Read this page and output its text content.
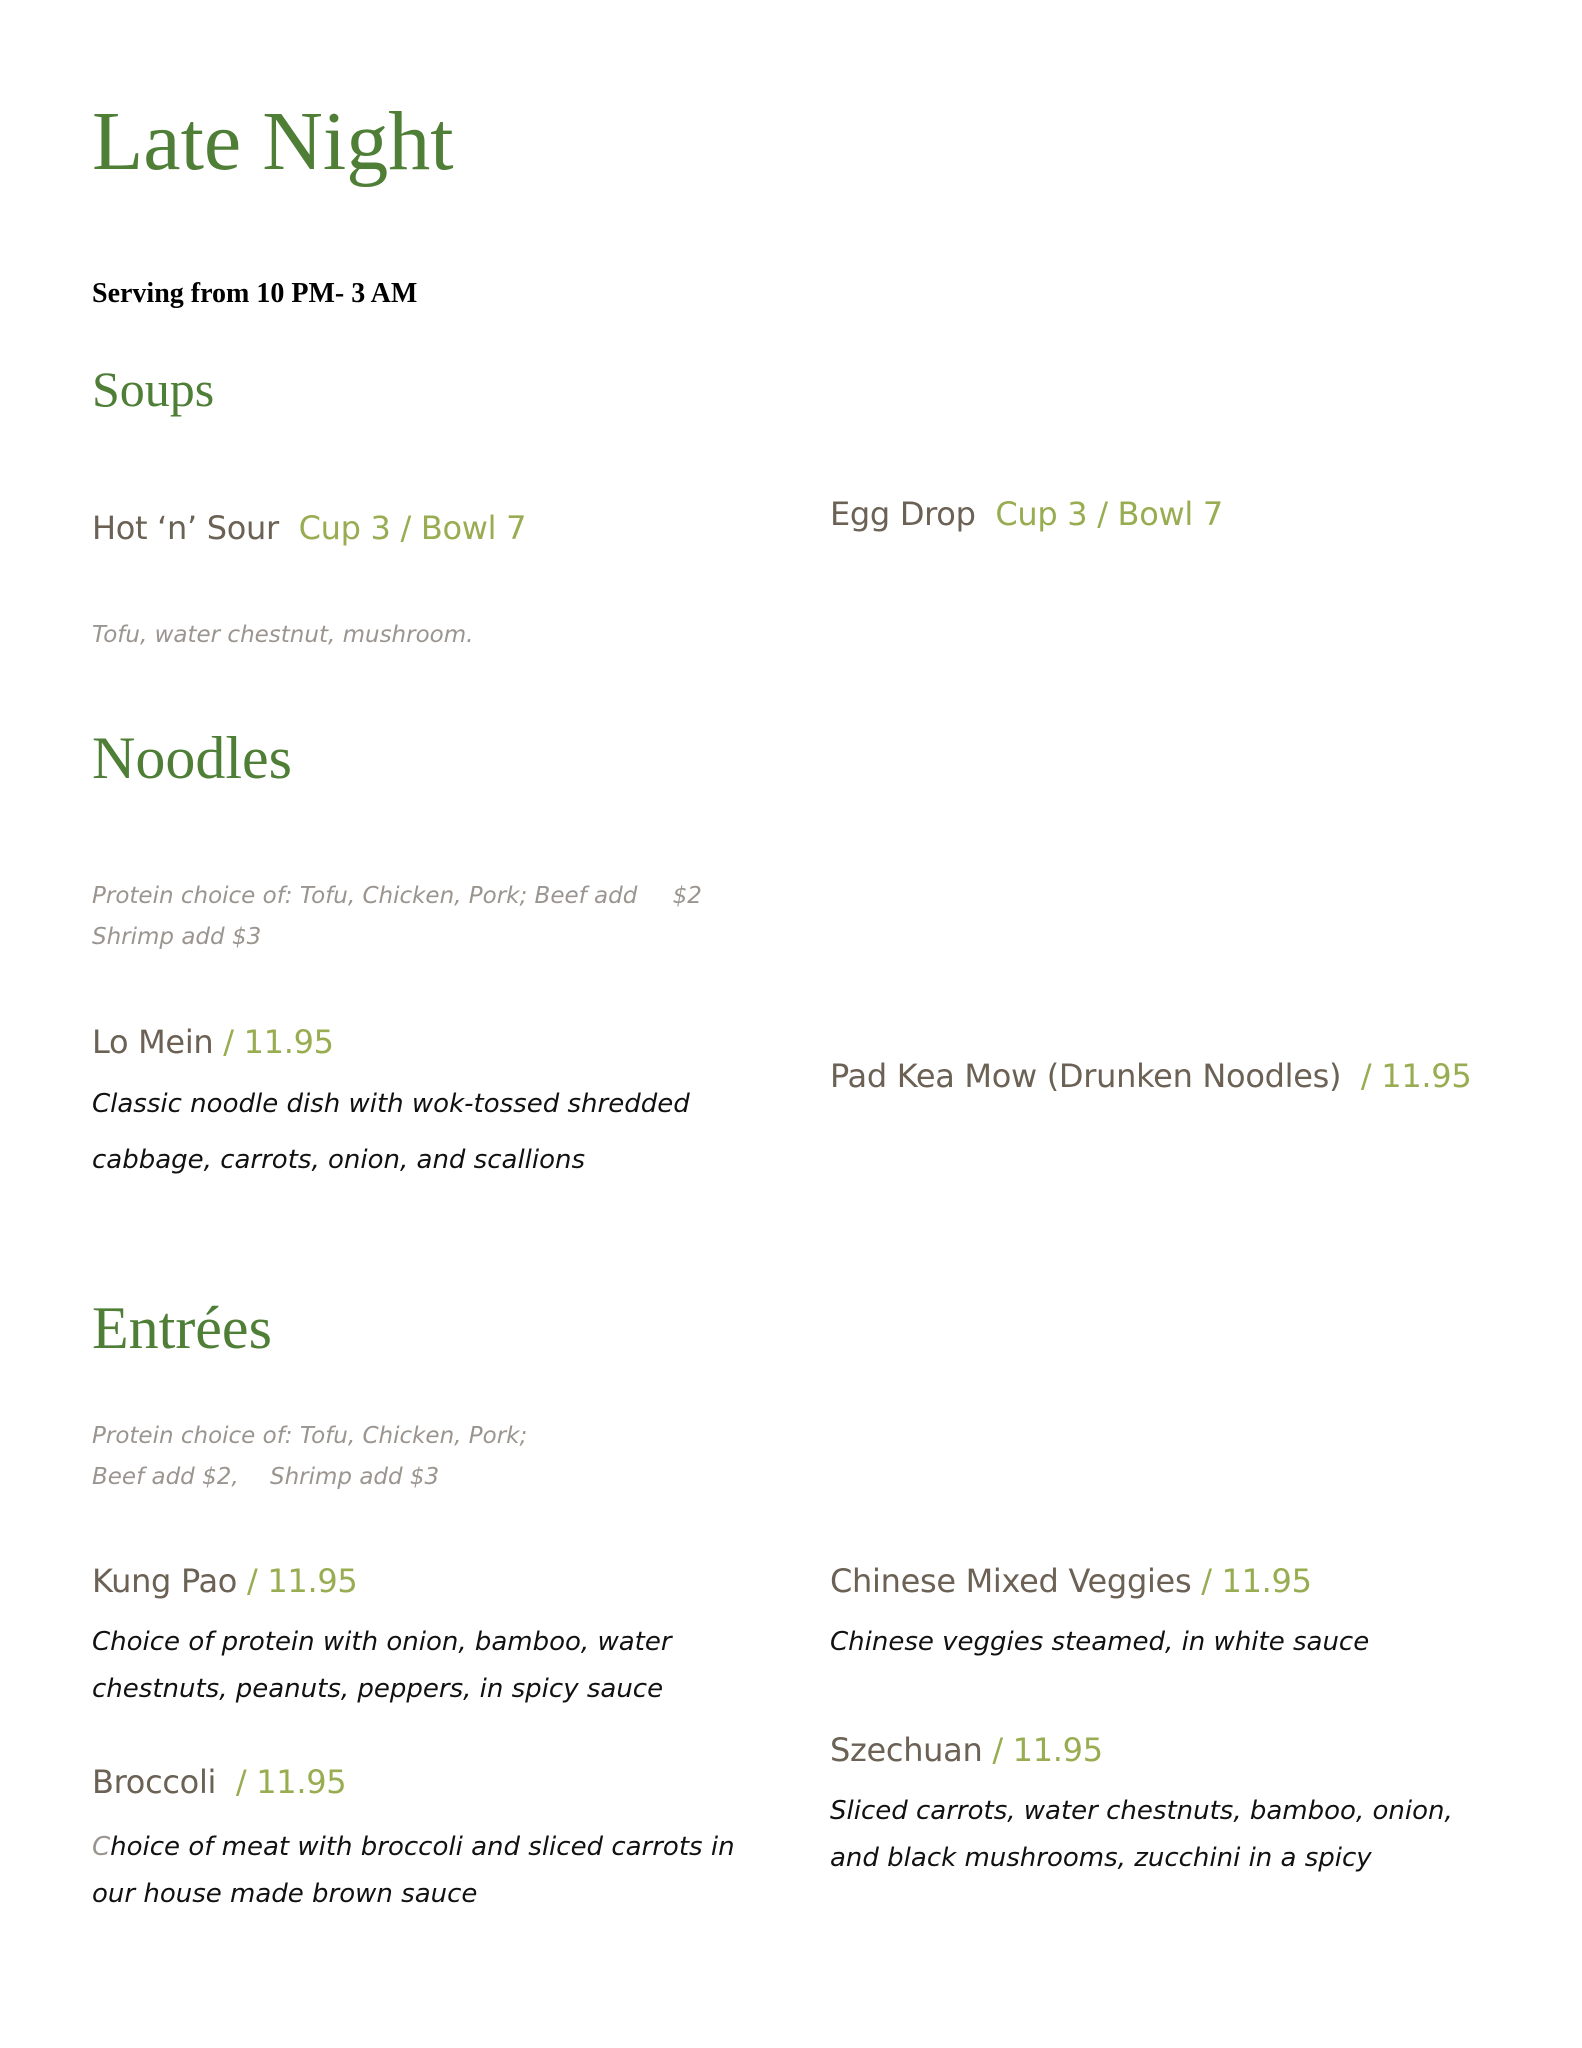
Late Night
Serving from 10 PM- 3 AM
Soups
Hot ‘n’ Sour Cup 3 / Bowl 7
Tofu, water chestnut, mushroom.
Egg Drop Cup 3 / Bowl 7
Noodles
Protein choice of: Tofu, Chicken, Pork; Beef add $2
Shrimp add $3
Lo Mein / 11.95
Classic noodle dish with wok-tossed shredded
cabbage, carrots, onion, and scallions
Pad Kea Mow (Drunken Noodles) / 11.95
Entrées
Protein choice of: Tofu, Chicken, Pork;
Beef add $2, Shrimp add $3
Kung Pao / 11.95
Choice of protein with onion, bamboo, water
chestnuts, peanuts, peppers, in spicy sauce
Broccoli / 11.95
Choice of meat with broccoli and sliced carrots in
our house made brown sauce
Chinese Mixed Veggies / 11.95
Chinese veggies steamed, in white sauce
Szechuan / 11.95
Sliced carrots, water chestnuts, bamboo, onion,
and black mushrooms, zucchini in a spicy
